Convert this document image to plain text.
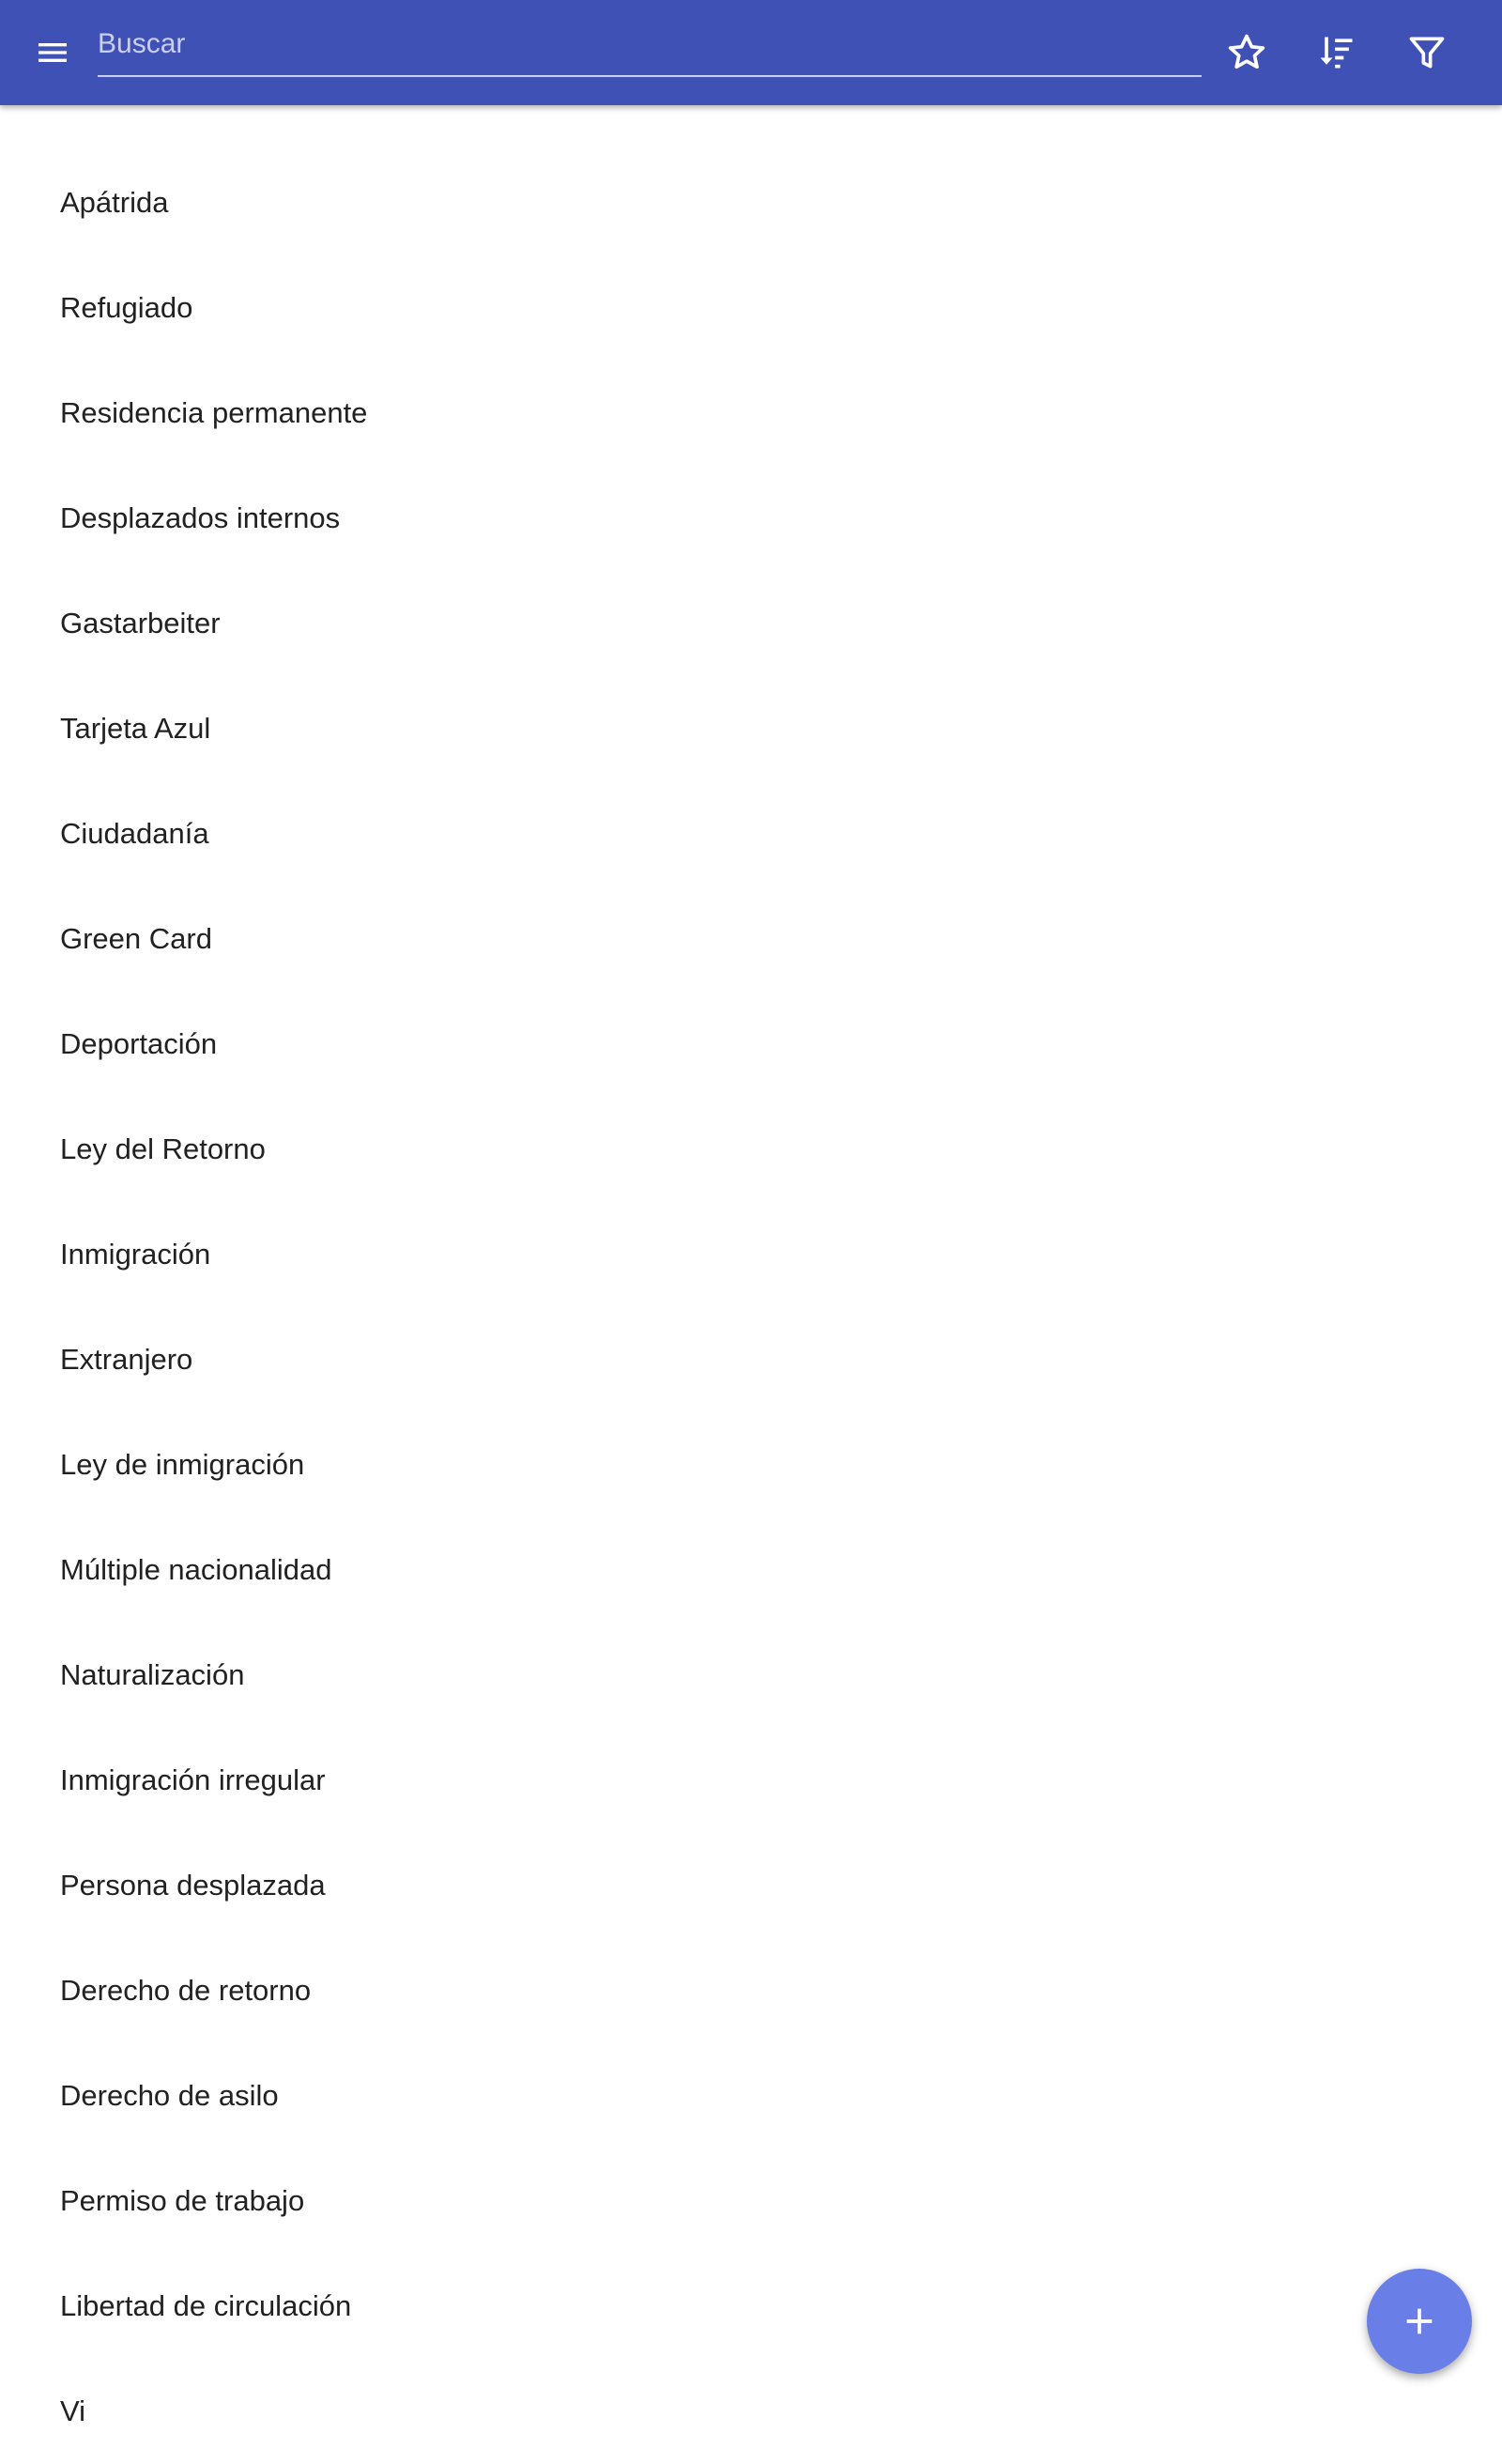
Buscar
Apátrida
Refugiado
Residencia permanente
Desplazados internos
Gastarbeiter
Tarjeta Azul
Ciudadanía
Green Card
Deportación
Ley del Retorno
Inmigración
Extranjero
Ley de inmigración
Múltiple nacionalidad
Naturalización
Inmigración irregular
Persona desplazada
Derecho de retorno
Derecho de asilo
Permiso de trabajo
Libertad de circulación
Vi
